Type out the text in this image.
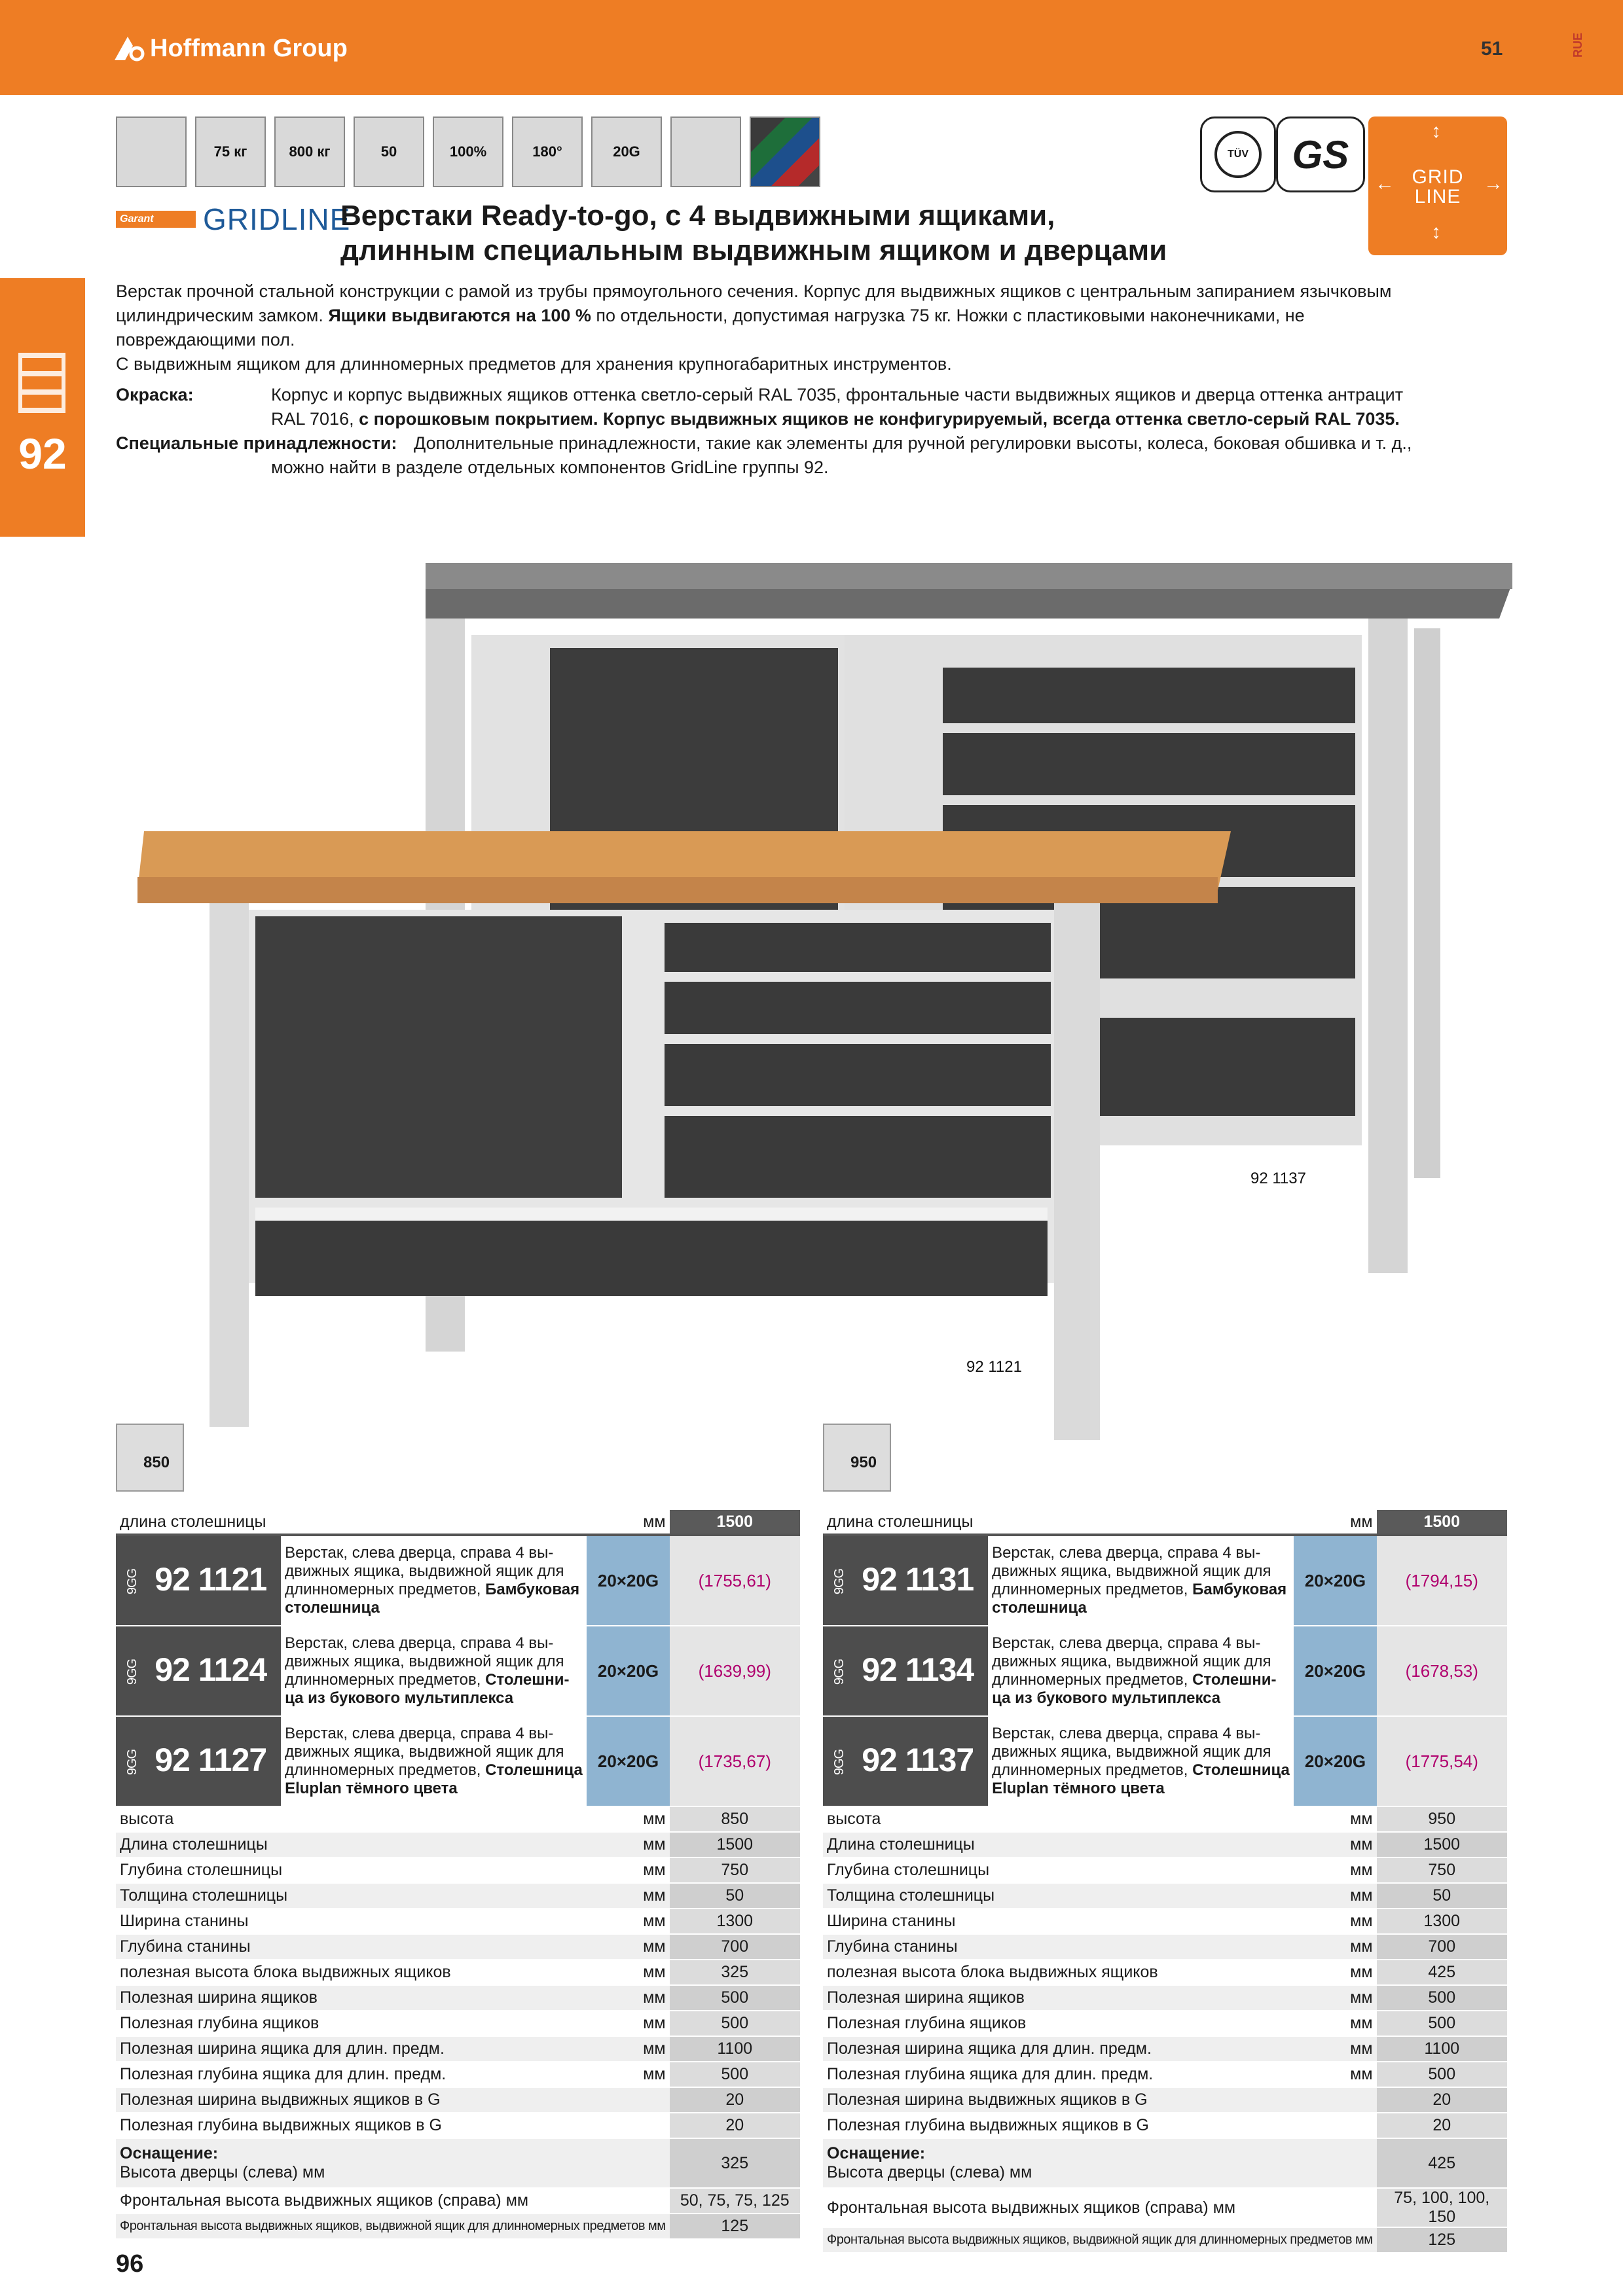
Hoffmann Group	51	RUE
75 кг	800 кг	50	100%	180°	20G	TÜV	GS
↕
←	→
↕
GRID
LINE
Garant	GRIDLINE
Верстаки Ready-to-go, с 4 выдвижными ящиками,
длинным специальным выдвижным ящиком и дверцами
Верстак прочной стальной конструкции с рамой из трубы прямоугольного сечения. Корпус для выдвижных ящиков с центральным запиранием язычковым
цилиндрическим замком. Ящики выдвигаются на 100 % по отдельности, допустимая нагрузка 75 кг. Ножки с пластиковыми наконечниками, не
повреждающими пол.
С выдвижным ящиком для длинномерных предметов для хранения крупногабаритных инструментов.
Окраска:	Корпус и корпус выдвижных ящиков оттенка светло-серый RAL 7035, фронтальные части выдвижных ящиков и дверца оттенка антрацит
RAL 7016, с порошковым покрытием. Корпус выдвижных ящиков не конфигурируемый, всегда оттенка светло-серый RAL 7035.
Специальные принадлежности: Дополнительные принадлежности, такие как элементы для ручной регулировки высоты, колеса, боковая обшивка и т. д.,
можно найти в разделе отдельных компонентов GridLine группы 92.
92
92 1137
92 1121
850	950
длина столешницы		мм	1500
9GG 92 1121	Верстак, слева дверца, справа 4 вы-
движных ящика, выдвижной ящик для
длинномерных предметов, Бамбуковая столешница	20×20G	(1755,61)
9GG 92 1124	Верстак, слева дверца, справа 4 вы-
движных ящика, выдвижной ящик для
длинномерных предметов, Столешни-
ца из букового мультиплекса	20×20G	(1639,99)
9GG 92 1127	Верстак, слева дверца, справа 4 вы-
движных ящика, выдвижной ящик для
длинномерных предметов, Столешница Eluplan тёмного цвета	20×20G	(1735,67)
высота		мм	850
Длина столешницы		мм	1500
Глубина столешницы		мм	750
Толщина столешницы		мм	50
Ширина станины		мм	1300
Глубина станины		мм	700
полезная высота блока выдвижных ящиков		мм	325
Полезная ширина ящиков		мм	500
Полезная глубина ящиков		мм	500
Полезная ширина ящика для длин. предм.		мм	1100
Полезная глубина ящика для длин. предм.		мм	500
Полезная ширина выдвижных ящиков в G			20
Полезная глубина выдвижных ящиков в G			20

Оснащение:
Высота дверцы (слева) мм			325
Фронтальная высота выдвижных ящиков (справа) мм			50, 75, 75, 125
Фронтальная высота выдвижных ящиков, выдвижной ящик для длинномерных предметов мм			125
длина столешницы		мм	1500
9GG 92 1131	Верстак, слева дверца, справа 4 вы-
движных ящика, выдвижной ящик для
длинномерных предметов, Бамбуковая столешница	20×20G	(1794,15)
9GG 92 1134	Верстак, слева дверца, справа 4 вы-
движных ящика, выдвижной ящик для
длинномерных предметов, Столешни-
ца из букового мультиплекса	20×20G	(1678,53)
9GG 92 1137	Верстак, слева дверца, справа 4 вы-
движных ящика, выдвижной ящик для
длинномерных предметов, Столешница Eluplan тёмного цвета	20×20G	(1775,54)
высота		мм	950
Длина столешницы		мм	1500
Глубина столешницы		мм	750
Толщина столешницы		мм	50
Ширина станины		мм	1300
Глубина станины		мм	700
полезная высота блока выдвижных ящиков		мм	425
Полезная ширина ящиков		мм	500
Полезная глубина ящиков		мм	500
Полезная ширина ящика для длин. предм.		мм	1100
Полезная глубина ящика для длин. предм.		мм	500
Полезная ширина выдвижных ящиков в G			20
Полезная глубина выдвижных ящиков в G			20

Оснащение:
Высота дверцы (слева) мм			425
Фронтальная высота выдвижных ящиков (справа) мм			75, 100, 100, 150
Фронтальная высота выдвижных ящиков, выдвижной ящик для длинномерных предметов мм			125
96
